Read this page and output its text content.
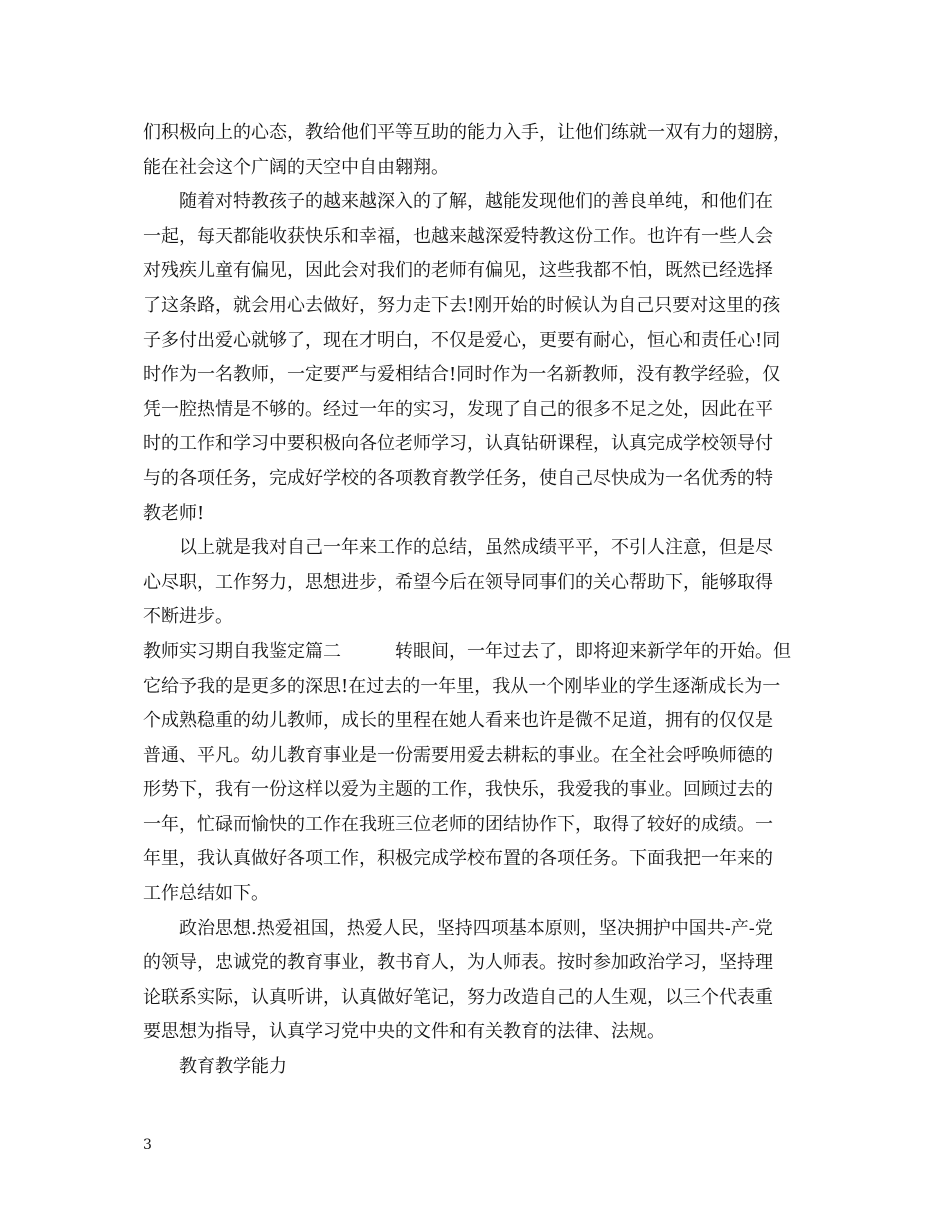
们积极向上的心态，教给他们平等互助的能力入手，让他们练就一双有力的翅膀，
能在社会这个广阔的天空中自由翱翔。
随着对特教孩子的越来越深入的了解，越能发现他们的善良单纯，和他们在
一起，每天都能收获快乐和幸福，也越来越深爱特教这份工作。也许有一些人会
对残疾儿童有偏见，因此会对我们的老师有偏见，这些我都不怕，既然已经选择
了这条路，就会用心去做好，努力走下去!刚开始的时候认为自己只要对这里的孩
子多付出爱心就够了，现在才明白，不仅是爱心，更要有耐心，恒心和责任心!同
时作为一名教师，一定要严与爱相结合!同时作为一名新教师，没有教学经验，仅
凭一腔热情是不够的。经过一年的实习，发现了自己的很多不足之处，因此在平
时的工作和学习中要积极向各位老师学习，认真钻研课程，认真完成学校领导付
与的各项任务，完成好学校的各项教育教学任务，使自己尽快成为一名优秀的特
教老师!
以上就是我对自己一年来工作的总结，虽然成绩平平，不引人注意，但是尽
心尽职，工作努力，思想进步，希望今后在领导同事们的关心帮助下，能够取得
不断进步。
教师实习期自我鉴定篇二	转眼间，一年过去了，即将迎来新学年的开始。但
它给予我的是更多的深思!在过去的一年里，我从一个刚毕业的学生逐渐成长为一
个成熟稳重的幼儿教师，成长的里程在她人看来也许是微不足道，拥有的仅仅是
普通、平凡。幼儿教育事业是一份需要用爱去耕耘的事业。在全社会呼唤师德的
形势下，我有一份这样以爱为主题的工作，我快乐，我爱我的事业。回顾过去的
一年，忙碌而愉快的工作在我班三位老师的团结协作下，取得了较好的成绩。一
年里，我认真做好各项工作，积极完成学校布置的各项任务。下面我把一年来的
工作总结如下。
政治思想.热爱祖国，热爱人民，坚持四项基本原则，坚决拥护中国共-产-党
的领导，忠诚党的教育事业，教书育人，为人师表。按时参加政治学习，坚持理
论联系实际，认真听讲，认真做好笔记，努力改造自己的人生观，以三个代表重
要思想为指导，认真学习党中央的文件和有关教育的法律、法规。
教育教学能力
3
